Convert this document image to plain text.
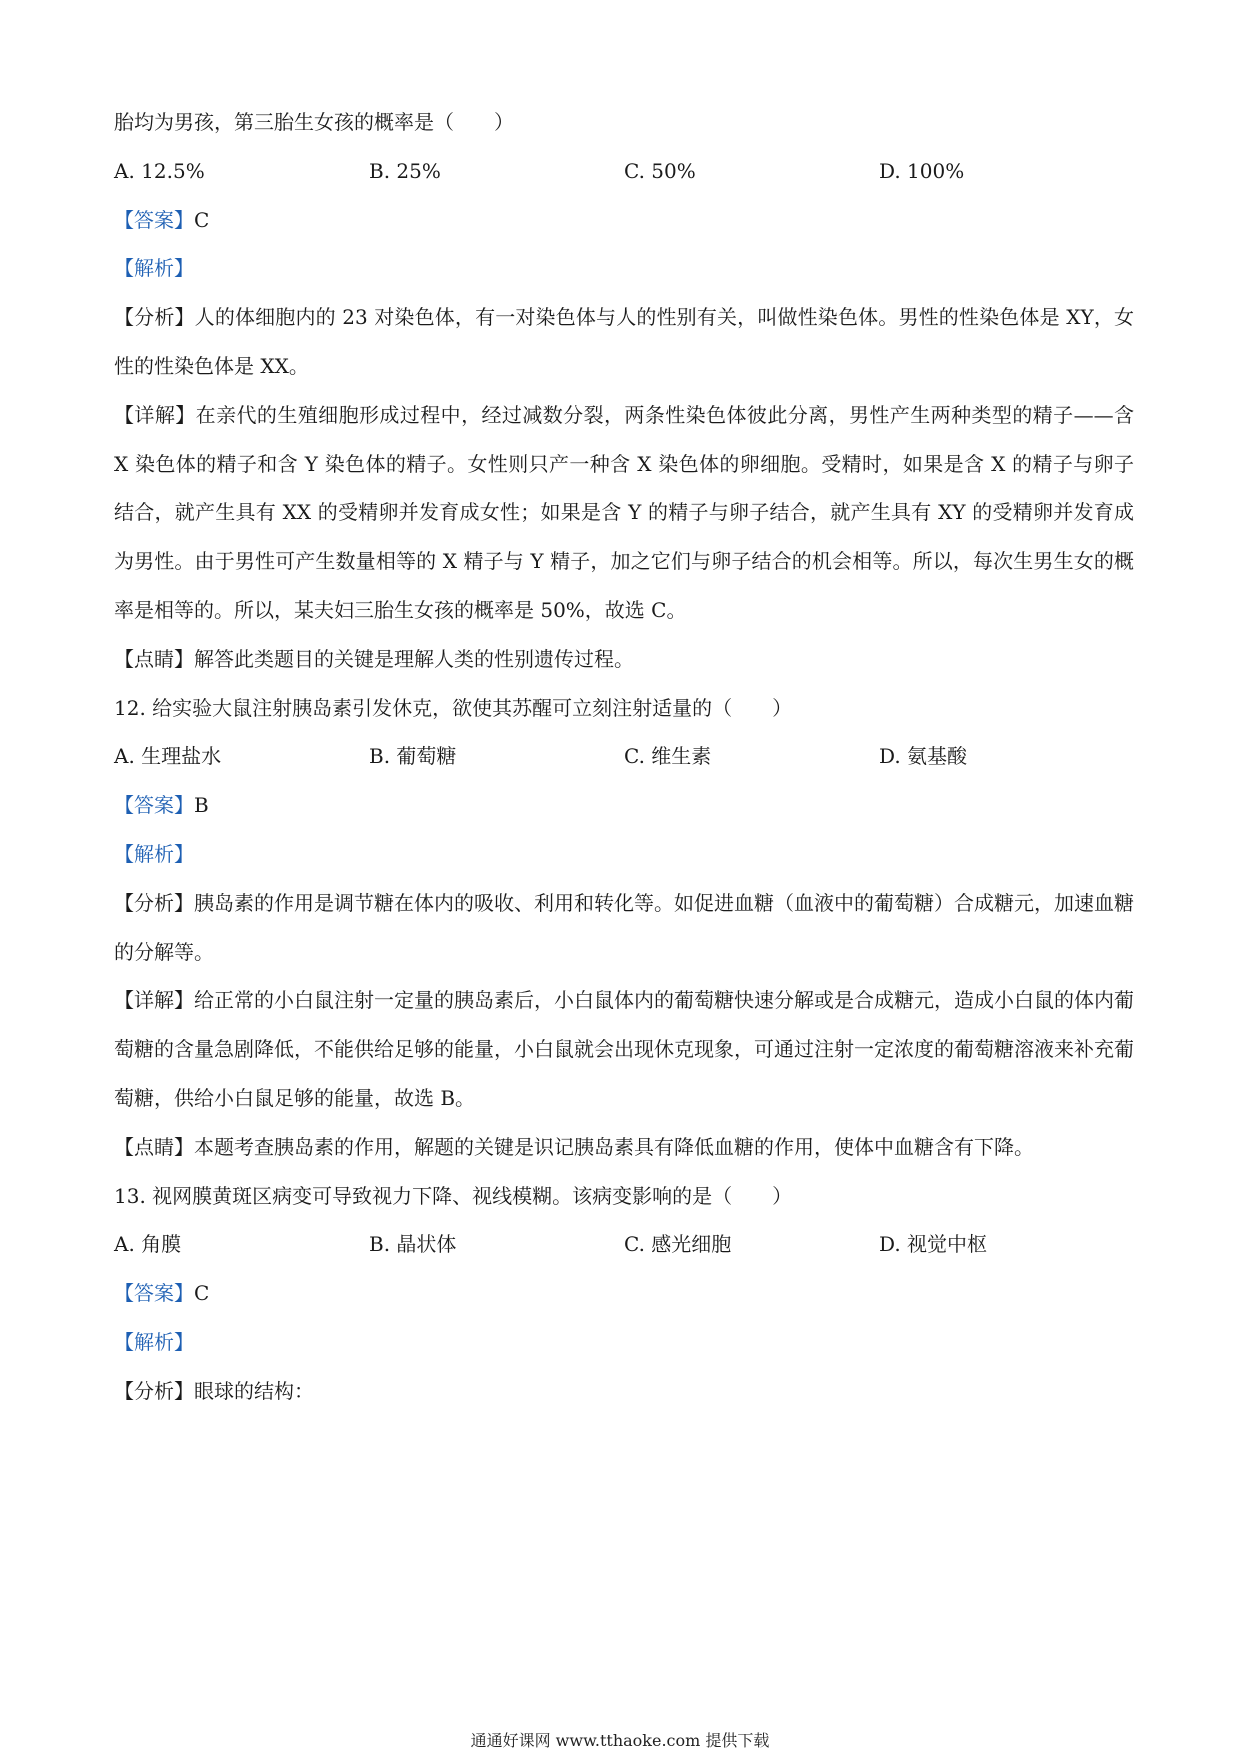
胎均为男孩，第三胎生女孩的概率是（　　）
A. 12.5%	B. 25%	C. 50%	D. 100%
【答案】C
【解析】
【分析】人的体细胞内的 23 对染色体，有一对染色体与人的性别有关，叫做性染色体。男性的性染色体是 XY，女性的性染色体是 XX。
【详解】在亲代的生殖细胞形成过程中，经过减数分裂，两条性染色体彼此分离，男性产生两种类型的精子——含 X 染色体的精子和含 Y 染色体的精子。女性则只产一种含 X 染色体的卵细胞。受精时，如果是含 X 的精子与卵子结合，就产生具有 XX 的受精卵并发育成女性；如果是含 Y 的精子与卵子结合，就产生具有 XY 的受精卵并发育成为男性。由于男性可产生数量相等的 X 精子与 Y 精子，加之它们与卵子结合的机会相等。所以，每次生男生女的概率是相等的。所以，某夫妇三胎生女孩的概率是 50%，故选 C。
【点睛】解答此类题目的关键是理解人类的性别遗传过程。
12. 给实验大鼠注射胰岛素引发休克，欲使其苏醒可立刻注射适量的（　　）
A. 生理盐水	B. 葡萄糖	C. 维生素	D. 氨基酸
【答案】B
【解析】
【分析】胰岛素的作用是调节糖在体内的吸收、利用和转化等。如促进血糖（血液中的葡萄糖）合成糖元，加速血糖的分解等。
【详解】给正常的小白鼠注射一定量的胰岛素后，小白鼠体内的葡萄糖快速分解或是合成糖元，造成小白鼠的体内葡萄糖的含量急剧降低，不能供给足够的能量，小白鼠就会出现休克现象，可通过注射一定浓度的葡萄糖溶液来补充葡萄糖，供给小白鼠足够的能量，故选 B。
【点睛】本题考查胰岛素的作用，解题的关键是识记胰岛素具有降低血糖的作用，使体中血糖含有下降。
13. 视网膜黄斑区病变可导致视力下降、视线模糊。该病变影响的是（　　）
A. 角膜	B. 晶状体	C. 感光细胞	D. 视觉中枢
【答案】C
【解析】
【分析】眼球的结构：
通通好课网 www.tthaoke.com 提供下载
